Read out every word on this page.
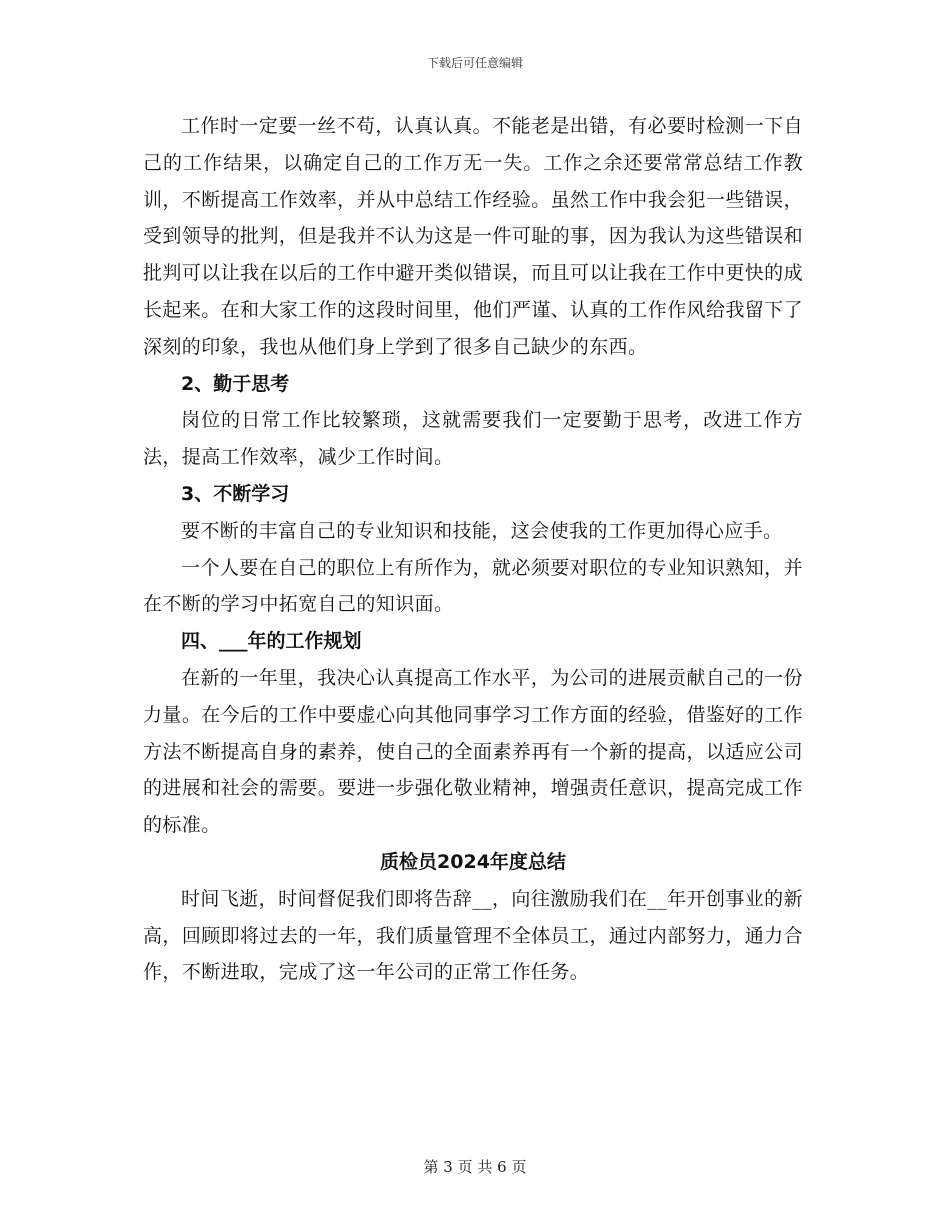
下载后可任意编辑

工作时一定要一丝不苟，认真认真。不能老是出错，有必要时检测一下自己的工作结果，以确定自己的工作万无一失。工作之余还要常常总结工作教训，不断提高工作效率，并从中总结工作经验。虽然工作中我会犯一些错误，受到领导的批判，但是我并不认为这是一件可耻的事，因为我认为这些错误和批判可以让我在以后的工作中避开类似错误，而且可以让我在工作中更快的成长起来。在和大家工作的这段时间里，他们严谨、认真的工作作风给我留下了深刻的印象，我也从他们身上学到了很多自己缺少的东西。

2、勤于思考

岗位的日常工作比较繁琐，这就需要我们一定要勤于思考，改进工作方法，提高工作效率，减少工作时间。

3、不断学习

要不断的丰富自己的专业知识和技能，这会使我的工作更加得心应手。

一个人要在自己的职位上有所作为，就必须要对职位的专业知识熟知，并在不断的学习中拓宽自己的知识面。

四、___年的工作规划

在新的一年里，我决心认真提高工作水平，为公司的进展贡献自己的一份力量。在今后的工作中要虚心向其他同事学习工作方面的经验，借鉴好的工作方法不断提高自身的素养，使自己的全面素养再有一个新的提高，以适应公司的进展和社会的需要。要进一步强化敬业精神，增强责任意识，提高完成工作的标准。

质检员2024年度总结

时间飞逝，时间督促我们即将告辞__，向往激励我们在__年开创事业的新高，回顾即将过去的一年，我们质量管理不全体员工，通过内部努力，通力合作，不断进取，完成了这一年公司的正常工作任务。

第 3 页 共 6 页
